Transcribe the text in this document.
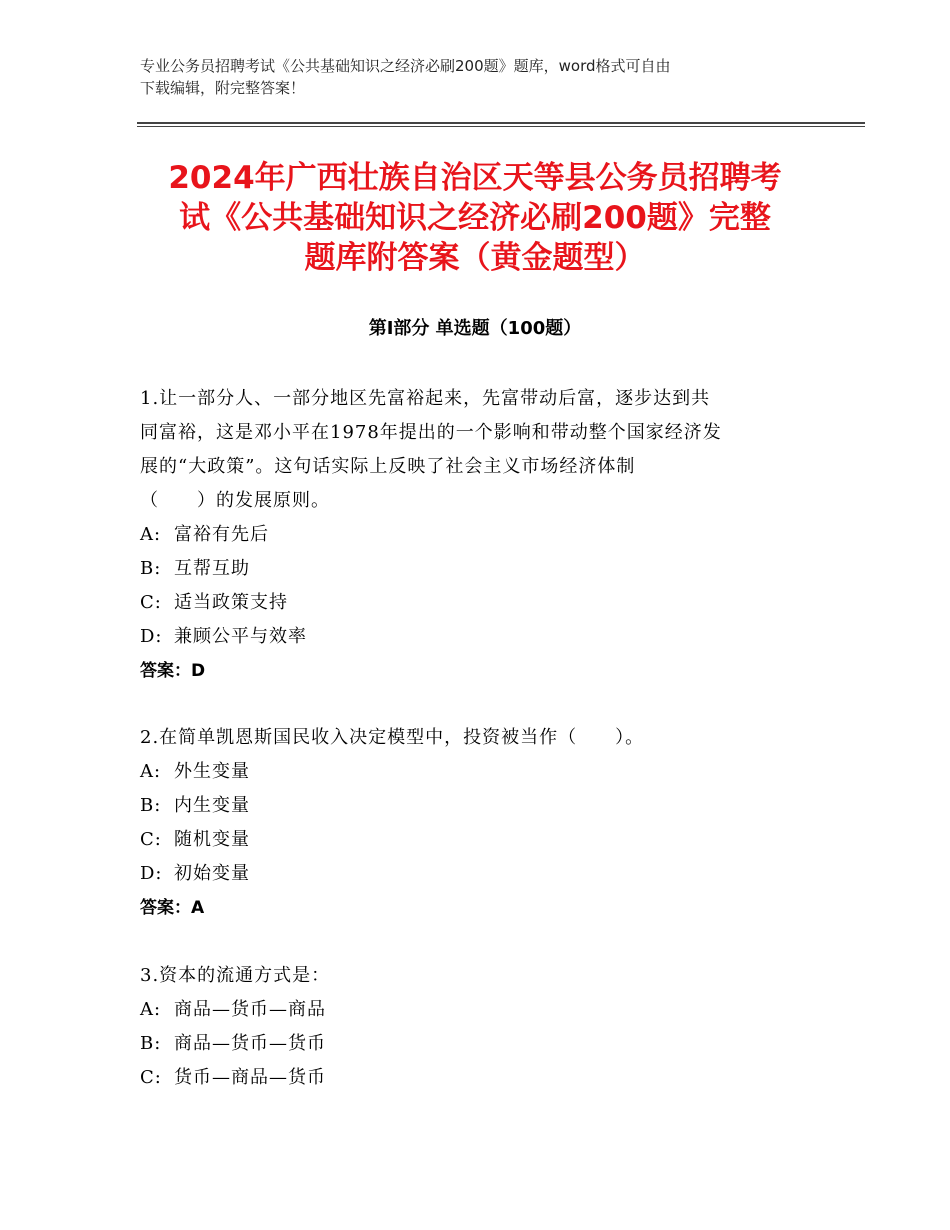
专业公务员招聘考试《公共基础知识之经济必刷200题》题库，word格式可自由
下载编辑，附完整答案！
2024年广西壮族自治区天等县公务员招聘考
试《公共基础知识之经济必刷200题》完整
题库附答案（黄金题型）
第Ⅰ部分 单选题（100题）
1.让一部分人、一部分地区先富裕起来，先富带动后富，逐步达到共
同富裕，这是邓小平在1978年提出的一个影响和带动整个国家经济发
展的“大政策”。这句话实际上反映了社会主义市场经济体制
（　　）的发展原则。
A: 富裕有先后
B: 互帮互助
C: 适当政策支持
D: 兼顾公平与效率
答案：D
2.在简单凯恩斯国民收入决定模型中，投资被当作（　　）。
A: 外生变量
B: 内生变量
C: 随机变量
D: 初始变量
答案：A
3.资本的流通方式是：
A: 商品—货币—商品
B: 商品—货币—货币
C: 货币—商品—货币
